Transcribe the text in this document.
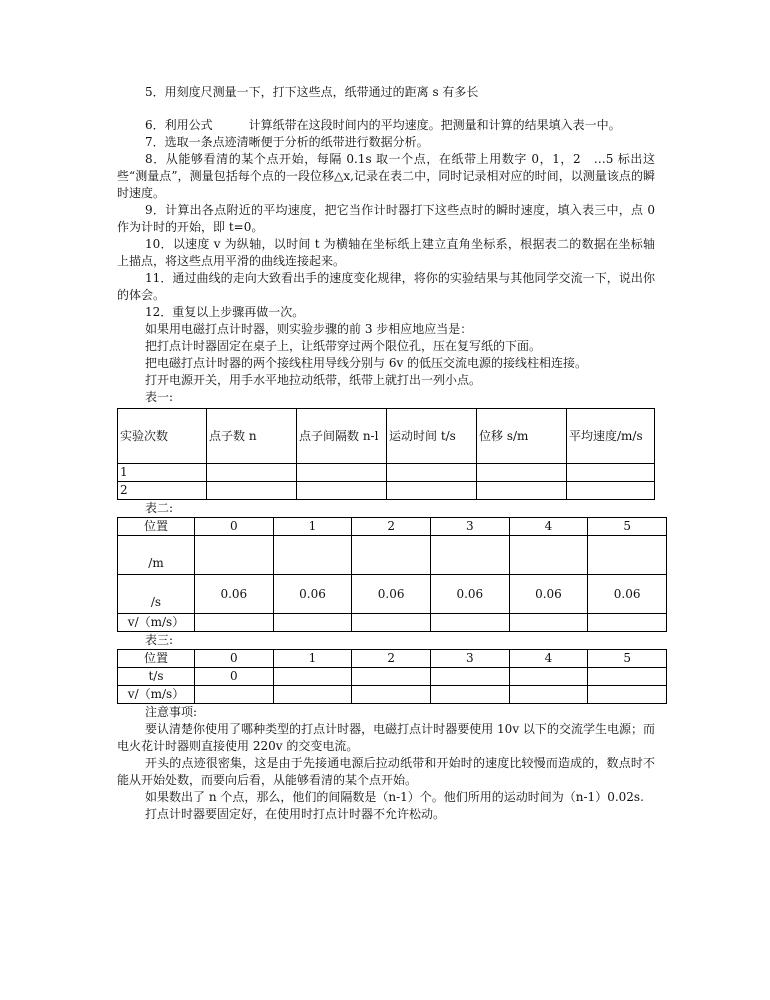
5．用刻度尺测量一下，打下这些点，纸带通过的距离 s 有多长

6．利用公式	计算纸带在这段时间内的平均速度。把测量和计算的结果填入表一中。

7．选取一条点迹清晰便于分析的纸带进行数据分析。

8．从能够看清的某个点开始，每隔 0.1s 取一个点，在纸带上用数字 0，1，2　…5 标出这些“测量点”，测量包括每个点的一段位移△x,记录在表二中，同时记录相对应的时间，以测量该点的瞬时速度。

9．计算出各点附近的平均速度，把它当作计时器打下这些点时的瞬时速度，填入表三中，点 0 作为计时的开始，即 t=0。

10．以速度 v 为纵轴，以时间 t 为横轴在坐标纸上建立直角坐标系，根据表二的数据在坐标轴上描点，将这些点用平滑的曲线连接起来。

11．通过曲线的走向大致看出手的速度变化规律，将你的实验结果与其他同学交流一下，说出你的体会。

12．重复以上步骤再做一次。

如果用电磁打点计时器，则实验步骤的前 3 步相应地应当是：

把打点计时器固定在桌子上，让纸带穿过两个限位孔，压在复写纸的下面。

把电磁打点计时器的两个接线柱用导线分别与 6v 的低压交流电源的接线柱相连接。

打开电源开关，用手水平地拉动纸带，纸带上就打出一列小点。

表一:

实验次数	点子数 n	点子间隔数 n-l	运动时间 t/s	位移 s/m	平均速度/m/s
1					
2					

表二:

位置	0	1	2	3	4	5
/m						
/s	0.06	0.06	0.06	0.06	0.06	0.06
v/（m/s）						

表三:

位置	0	1	2	3	4	5
t/s	0					
v/（m/s）						

注意事项:

要认清楚你使用了哪种类型的打点计时器，电磁打点计时器要使用 10v 以下的交流学生电源；而电火花计时器则直接使用 220v 的交变电流。

开头的点迹很密集，这是由于先接通电源后拉动纸带和开始时的速度比较慢而造成的，数点时不能从开始处数，而要向后看，从能够看清的某个点开始。

如果数出了 n 个点，那么，他们的间隔数是（n-1）个。他们所用的运动时间为（n-1）0.02s.

打点计时器要固定好，在使用时打点计时器不允许松动。
